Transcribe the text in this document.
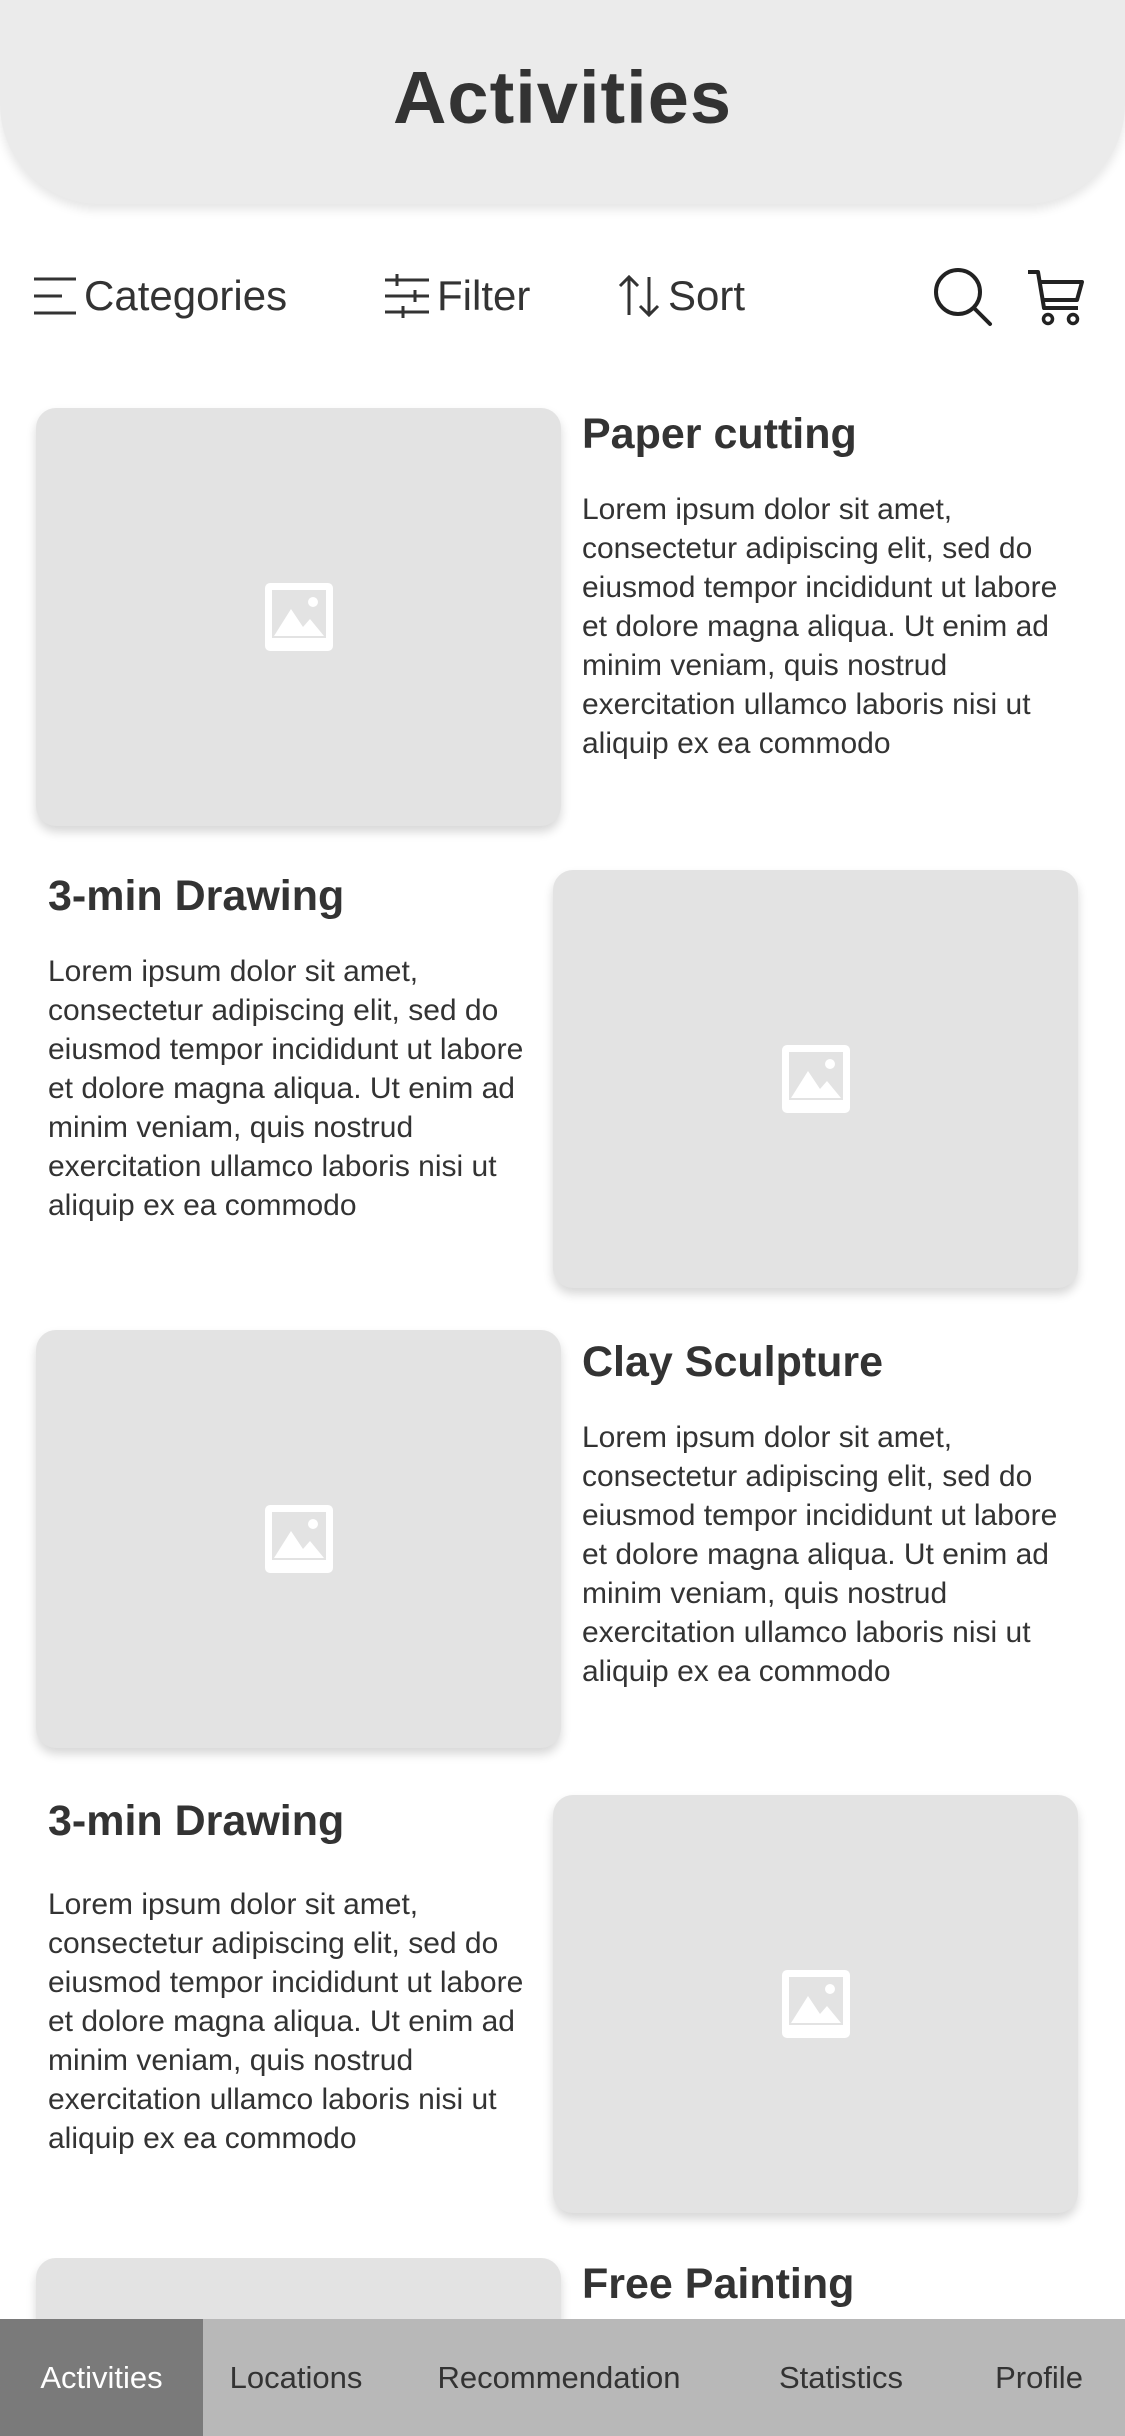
Activities
Categories	Filter	Sort
Paper cutting
Lorem ipsum dolor sit amet, consectetur adipiscing elit, sed do eiusmod tempor incididunt ut labore et dolore magna aliqua. Ut enim ad minim veniam, quis nostrud exercitation ullamco laboris nisi ut aliquip ex ea commodo
3-min Drawing
Lorem ipsum dolor sit amet, consectetur adipiscing elit, sed do eiusmod tempor incididunt ut labore et dolore magna aliqua. Ut enim ad minim veniam, quis nostrud exercitation ullamco laboris nisi ut aliquip ex ea commodo
Clay Sculpture
Lorem ipsum dolor sit amet, consectetur adipiscing elit, sed do eiusmod tempor incididunt ut labore et dolore magna aliqua. Ut enim ad minim veniam, quis nostrud exercitation ullamco laboris nisi ut aliquip ex ea commodo
3-min Drawing
Lorem ipsum dolor sit amet, consectetur adipiscing elit, sed do eiusmod tempor incididunt ut labore et dolore magna aliqua. Ut enim ad minim veniam, quis nostrud exercitation ullamco laboris nisi ut aliquip ex ea commodo
Free Painting
Activities Locations Recommendation	Statistics	Profile
